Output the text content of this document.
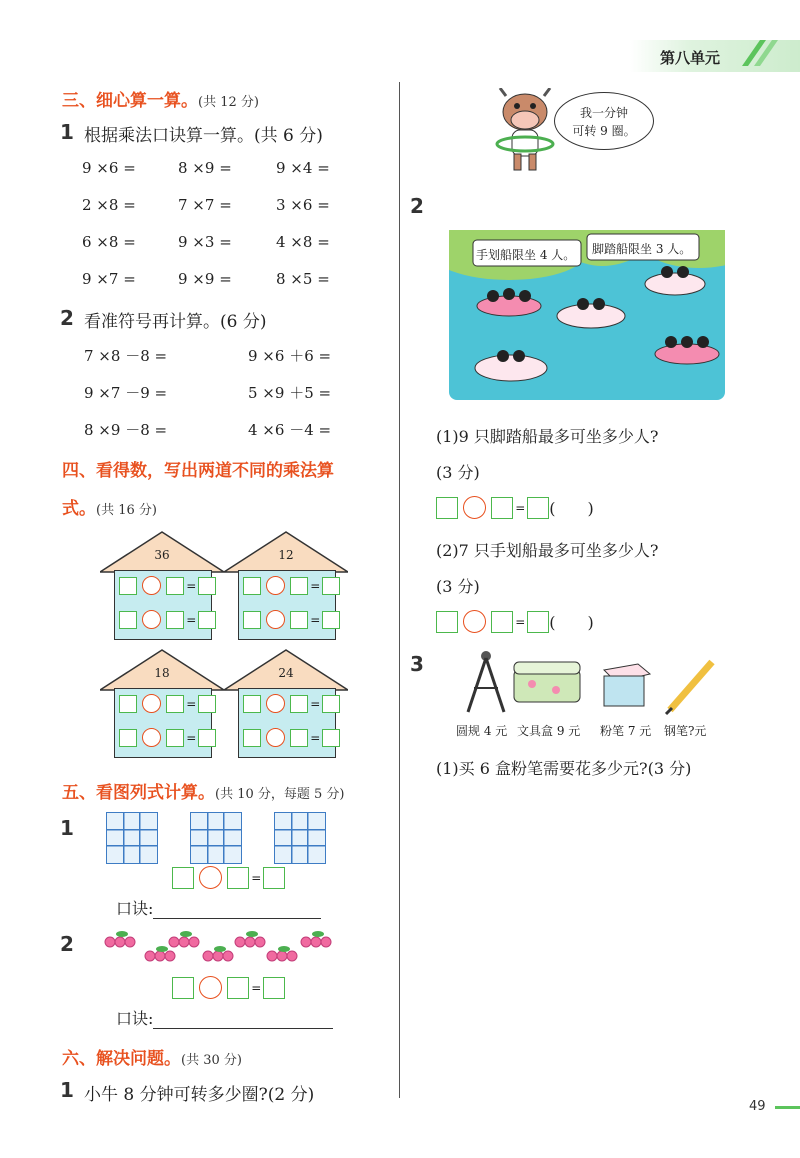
第八单元
三、细心算一算。(共 12 分)
1 根据乘法口诀算一算。(共 6 分)
9 ×6 =	8 ×9 =	9 ×4 =
2 ×8 =	7 ×7 =	3 ×6 =
6 ×8 =	9 ×3 =	4 ×8 =
9 ×7 =	9 ×9 =	8 ×5 =
2 看准符号再计算。(6 分)
7 ×8 －8 =	9 ×6 ＋6 =
9 ×7 －9 =	5 ×9 ＋5 =
8 ×9 －8 =	4 ×6 －4 =
四、看得数，写出两道不同的乘法算
式。(共 16 分)
36
=
=
12
=
=
18
=
=
24
=
=
五、看图列式计算。(共 10 分，每题 5 分)
1
=
口诀:
2
=
口诀:
六、解决问题。(共 30 分)
1 小牛 8 分钟可转多少圈?(2 分)
我一分钟
可转 9 圈。
2
手划船限坐 4 人。 脚踏船限坐 3 人。
(1)9 只脚踏船最多可坐多少人?
(3 分)
= (　　)
(2)7 只手划船最多可坐多少人?
(3 分)
= (　　)
3
圆规 4 元 文具盒 9 元 粉笔 7 元 钢笔?元
(1)买 6 盒粉笔需要花多少元?(3 分)
49
